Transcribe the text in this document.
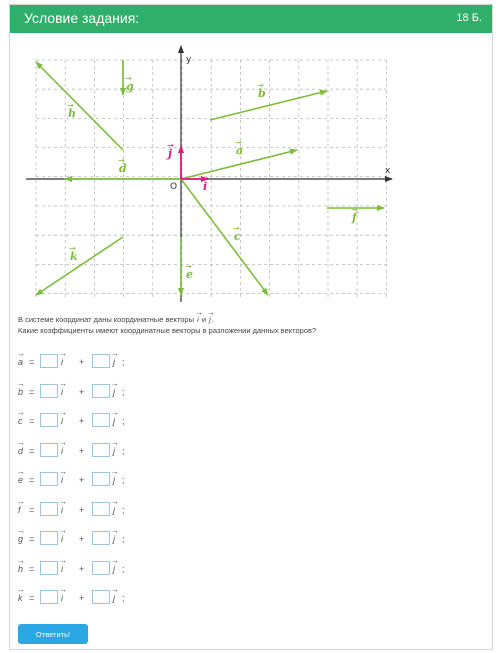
Условие задания:	18 Б.
x
y
O
a
→
b
→
c
→
d
→
e
→
f
→
g
→
h
→
k
→
i
→
j
→
В системе координат даны координатные векторы → i и → j.
Какие коэффициенты имеют координатные векторы в разложении данных векторов?
→ a =	→ i +	→ j ;
→ b =	→ i +	→ j ;
→ c =	→ i +	→ j ;
→ d =	→ i +	→ j ;
→ e =	→ i +	→ j ;
→ f =	→ i +	→ j ;
→ g =	→ i +	→ j ;
→ h =	→ i +	→ j ;
→ k =	→ i +	→ j ;
Ответить!
